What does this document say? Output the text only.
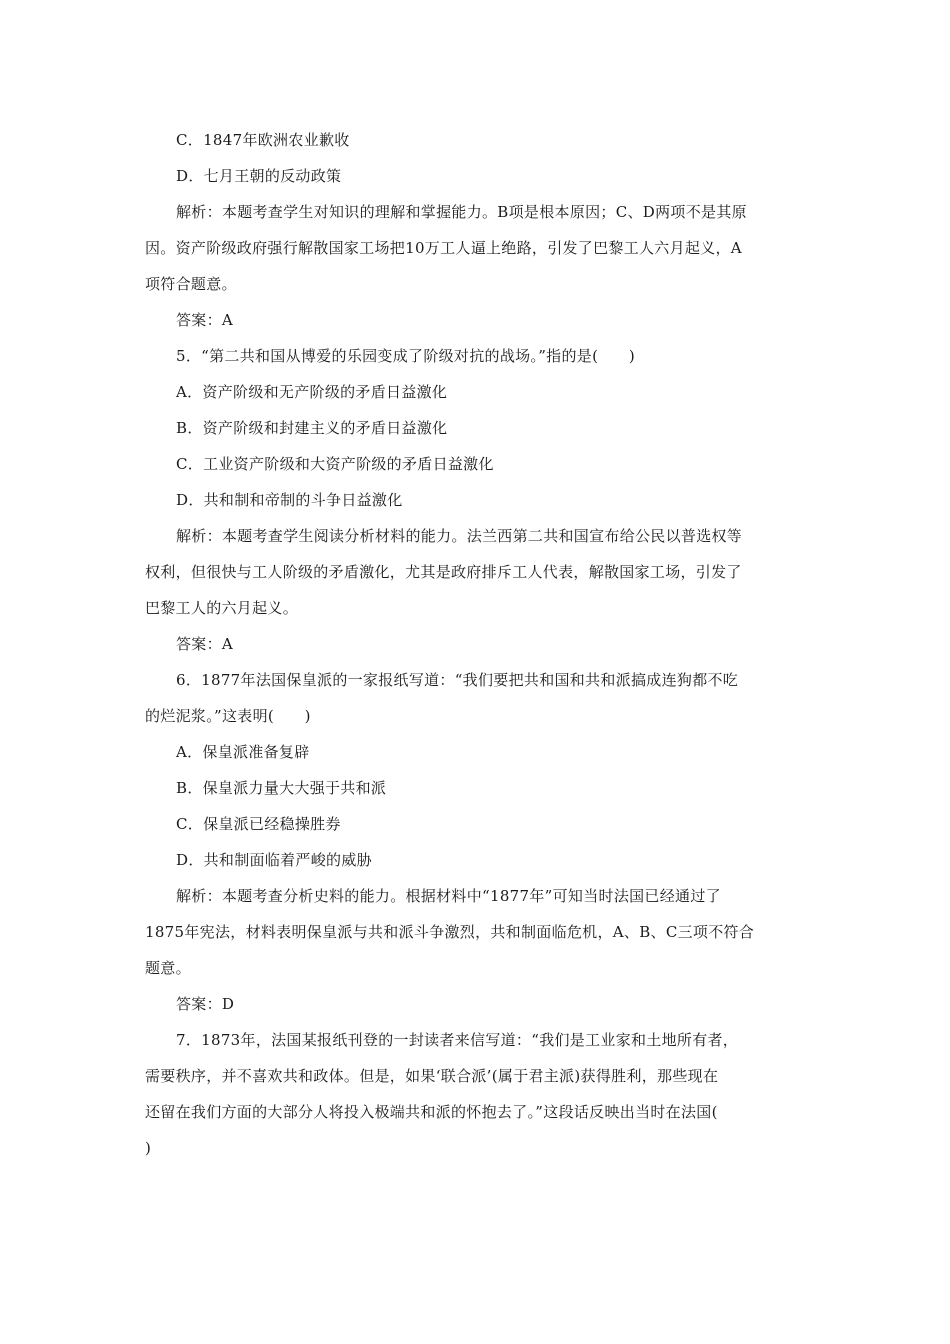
C．1847年欧洲农业歉收
D．七月王朝的反动政策
解析：本题考查学生对知识的理解和掌握能力。B项是根本原因；C、D两项不是其原
因。资产阶级政府强行解散国家工场把10万工人逼上绝路，引发了巴黎工人六月起义，A
项符合题意。
答案：A
5．“第二共和国从博爱的乐园变成了阶级对抗的战场。”指的是(　　)
A．资产阶级和无产阶级的矛盾日益激化
B．资产阶级和封建主义的矛盾日益激化
C．工业资产阶级和大资产阶级的矛盾日益激化
D．共和制和帝制的斗争日益激化
解析：本题考查学生阅读分析材料的能力。法兰西第二共和国宣布给公民以普选权等
权利，但很快与工人阶级的矛盾激化，尤其是政府排斥工人代表，解散国家工场，引发了
巴黎工人的六月起义。
答案：A
6．1877年法国保皇派的一家报纸写道：“我们要把共和国和共和派搞成连狗都不吃
的烂泥浆。”这表明(　　)
A．保皇派准备复辟
B．保皇派力量大大强于共和派
C．保皇派已经稳操胜券
D．共和制面临着严峻的威胁
解析：本题考查分析史料的能力。根据材料中“1877年”可知当时法国已经通过了
1875年宪法，材料表明保皇派与共和派斗争激烈，共和制面临危机，A、B、C三项不符合
题意。
答案：D
7．1873年，法国某报纸刊登的一封读者来信写道：“我们是工业家和土地所有者，
需要秩序，并不喜欢共和政体。但是，如果‘联合派’(属于君主派)获得胜利，那些现在
还留在我们方面的大部分人将投入极端共和派的怀抱去了。”这段话反映出当时在法国(
)
